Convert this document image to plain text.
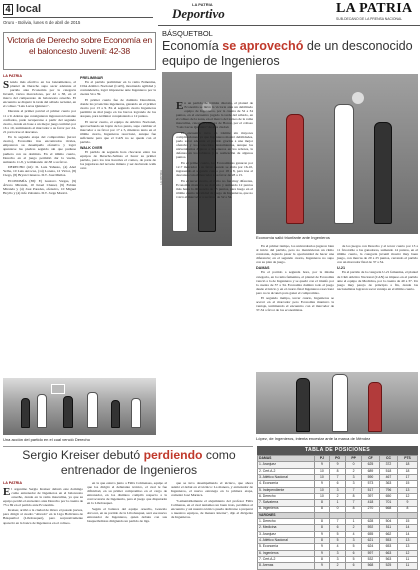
4 local
Oruro - Bolivia, lunes 6 de abril de 2015
LA PATRIA
Deportivo	LA PATRIA
SUB-DECANO DE LA PRENSA NACIONAL
Victoria de Derecho sobre Economía en el baloncesto Juvenil: 42-38

LA PATRIA

Siendo más efectivo en los lanzamientos, el plantel de Derecho supo sacar adelante el partido ante Economía por la categoría Juvenil, varios marcadores, por 42 a 38, en el marco del campeonato de baloncesto oruerño. El encuentro se disputó la tarde del sábado recienté, en el coliseo "Luis Lucas Quintero".

Durante el primer parcial el primer cuarto por 11 a 9. Atletas que consiguieron ingresaron bastante confiados, pude recuperarse a partir del segundo cuarto, donde en base a un mejor juego terminó por 16 a 10, terminando el marcador a su favor por 24-21 parra irse al descanso.

En la segunda etapa del compromiso (tercer cuarto), Economía tras encontrados rivales, empataron su desempeño ofensivo y logró apuntarse las piedras seguido sin que pudiese pudiera con su dominio. En el último cuarto, Derecho en el juego permitió dar la vuelta, sumando 11-8, y terminando 42-38 a su favor.

DERECHO (42): D. Luis Yañesto, (4) Abel Yelba, 10 Luis Arrocaz, (14) Lorena, 12 Victor, (8) Ciego, (8) Bryan Cisneros. D.T. José Muñoz.

ECONOMÍA (38): E) Gustavo Vargas, (9) Álvaro Miranda, 10 Israel Chanel, (9) Fabian Miranda y (4) José Paredes, ofensivo, 10 Miguel Hoyllo y (4) Jefe Zabaleta. D.T. Jorge Maraví.

PRELIMINAR

En el partido preliminar en la rama Femenina, CDA Atlético Nacional (CAN), mostrando agilidad y contundencia, logró imponerse ante Ingenieros por la cuenta 54 a 39.

El primer cuarto fue de dominio Derechista, donde las jovencitas ingenieras, ganando en el primer cuarto por 13 a 9. En el segundo cuarto Ingenieros permitió su mal juego en los barcos logrando de los ataques, para terminar conquistando a 12 puntos.

El tercer cuarto, el equipo de Atlético Nacional, aprovechando un bajón de los punto, supo cambiar el marcador a su favor por 17 a 5, mientras tanto en el último cuarto, Ingenieros reaccionó, aunque fue suficiente para que el CAN no se quede con el partido.

WALK OVER

El partido de segunda hora chocaron entre los equipos de Derecho-Salinas el hacer su primer partido, pero los tras hacerles el conteo, de parte de los jugadores del noveno minuto y ser declarado walk over.

Una acción del partido en el cual venció Derecho
BÁSQUETBOL
Economía se aprovechó de un desconocido equipo de Ingenieros
LA PATRIA

En un partido de trámite discreto, el plantel de Economía se llevó la victoria ante un debilitado equipo de Ingenieros, por la cuenta de 52 a 34 puntos, en el encuentro jugado la tarde del sábado, en el coliseo de la zona, en el marco del torneo de la rama masculina, categoría Primera de Honor, por el coliseo "Luis Lucas Quintero" de esta ciudad.

El encuentro tuvo un trámite sin mayores complicaciones, ya que Ingenieros mostró debilidades, pudo sacar adelante el partido gracias a una mejor ofensiva y los conocidos lanzamientos, aunque los universitarios dejaron a Ingenieros en los rebotes, la defensa en los tableros y la realización de algunos puntos.

En el primer cuarto, los Economistas ganaron por 12-7 marcador a su favor cuando se abría por 16-10, ingresando el segundo cuarto por 18 a 8, para irse al descanso con el marcador a su favor de 28 a 15.

En el tercer cuarto, el ritmo no fue muy diferente, Economía mantuvo su dominio y sumando 12 puntos más hasta la diferencia de 15 puntos, para luego en el último cuarto la calidad de juego de Ingenieros, que no volcó el marcador a su favor de 52 a 34.

Economía salió triunfante ante Ingenieros

En el primer tiempo, los universitarios jugaron bien al inicio del partido, pero no mantuvieron un ritmo constante, dejando pasar la oportunidad de hacer una diferencia; en el segundo cuarto, Ingenieros no supo con su plan de juego.

DAMAS

En el partido a segunda hora, por la misma categoría, en la rama femenina, el plantel de Economía venció a la de Ingenieros y se quedó con el triunfo por la cuenta de 37 a 34. Economía dominó todo el juego desde el inicio y en el cuarto final Ingenieros reaccionó pero no le alcanzó para ganar el compromiso.

El segundo tiempo, tercer cuarto, Ingenieros se acercó en el marcador pero Economía mantuvo la ventaja, terminando el encuentro con el marcador de 37-34 a favor de los economistas.

de los juegos con Derecho y el tercer cuarto por 13 a 11 favorable a las ganadoras, sumando 14 puntos, en el último cuarto, la categoría juvenil mostró muy buen juego, con marcas de 20 a 25 puntos, cerrando el partido con un marcador final de 37 a 34.

U-21

En el partido de la categoría U-21 femenina, el plantel de Club Atlético Nacional (CAN) se impuso en el partido ante el equipo de Medicina, por la cuenta de 40 a 37. Un juego muy parejo de principio a fin, donde las nacionalistas lograron sacar ventaja en el último cuarto.

López, de Ingenieros, intenta encestar ante la marca de Méndez
Sergio Kreiser debutó perdiendo como entrenador de Ingenieros

LA PATRIA

El argentino Sergio Kreiser debutó este domingo como entrenador de Ingenieros en el baloncesto oruerño, donde en la rama masculina, ya que su equipo perdió el encuentro ante Derecho por la cuenta de 73 a 69 en el partido ante Economía.

Kreiser, arribó a la ciudad de Oruro el pasado jueves, para dirigir al cuadro "Abrado" en la Liga Boliviana de Básquetbol (Libobasquet), pero sorpresivamente apareció en la banca de Ingenieros en el coliseo.

en la que estuvo junto a Félix Colmenaes, equipo al que los dirigió el debutante técnico, el cual le fue dificultad, en su primer compromiso en el cargo de entrenador, en los distintos compiló respecto a la convocatoria de Ingeniería, para el juego que disputarán en la Libobasquet.

Según el balance del equipo oruerño, Gonzalo Alcocer, en su partido de la Libobasquet, será ese nuevo entrenador de Ingenieros, quien debuta con sus basquetbolistas dirigiendo un partido de liga.

que se tuvo desempeñando el técnico, que ahora asistió el debut en el técnico: La manera, y entrenador de Ingenieros, el nuevo estratega en la primera etapa, comentó José Mariaca.

"Lamentablemente el alejamiento del profesor Félix Colmenas, en el cual teníamos un buen trato, perdimos el encuentro y así nuestro técnico pueda dedicarse a preparar a nuestros equipos, de manera interna", dijo el dirigente de Ingenieros.

TABLA DE POSICIONES
DAMAS	PJ	PG	PP	CF	CC	PTS
1. Aranjuez	9	9	0	625	372	18
2. Cert.A-2	10	8	2	689	518	18
3. Atlético Nacional	10	7	3	590	467	17
4. Economía	9	6	3	573	363	15
5. Independiente	10	3	7	517	796	13
6. Derecho	10	2	8	397	650	12
7. Salvaterra	8	1	7	418	701	9
8. Ingenieros	8	0	8	270	668	8
VARONES						
1. Derecho	8	7	1	628	504	15
2. Medicina	8	6	2	592	511	14
3. Aranjuez	9	5	4	655	662	14
4. Atlético Nacional	8	5	3	621	553	13
5. Economía	9	4	5	624	653	13
6. Ingenieros	9	3	6	597	663	12
7. Cert.A-2	8	3	5	532	563	11
8. Arenas	9	2	6	568	525	11
